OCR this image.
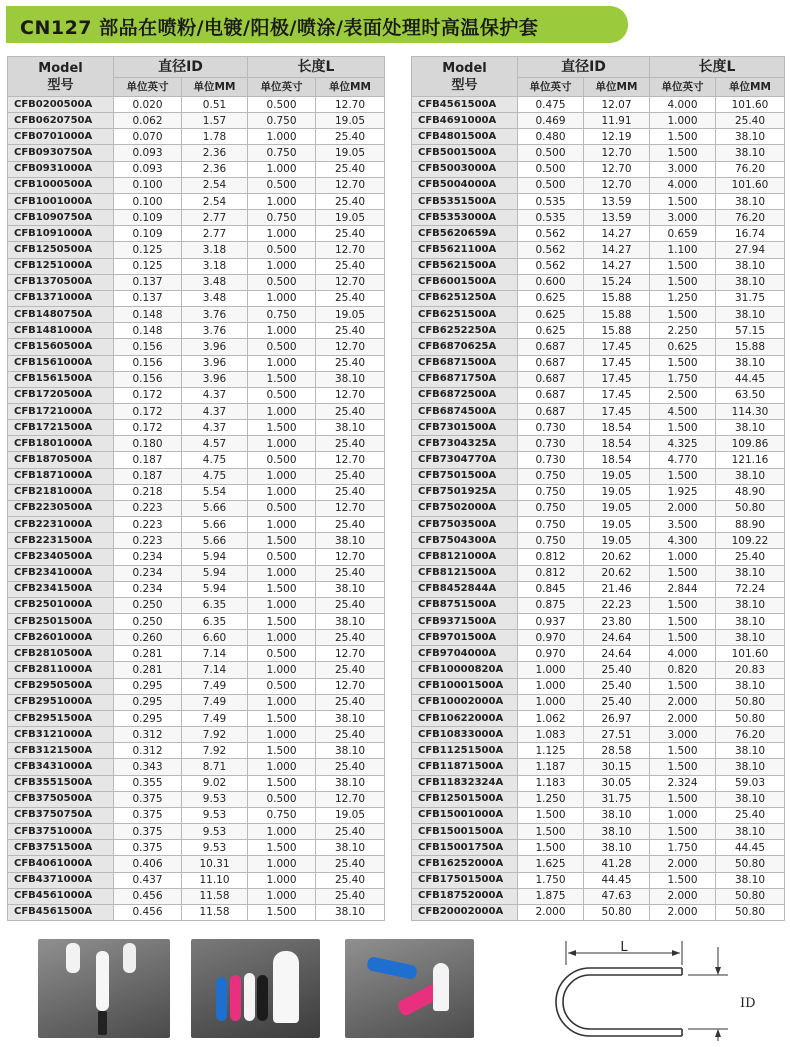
CN127 部品在喷粉/电镀/阳极/喷涂/表面处理时高温保护套
Model
型号	直径ID		长度L	
	单位英寸	单位MM	单位英寸	单位MM
CFB0200500A	0.020	0.51	0.500	12.70
CFB0620750A	0.062	1.57	0.750	19.05
CFB0701000A	0.070	1.78	1.000	25.40
CFB0930750A	0.093	2.36	0.750	19.05
CFB0931000A	0.093	2.36	1.000	25.40
CFB1000500A	0.100	2.54	0.500	12.70
CFB1001000A	0.100	2.54	1.000	25.40
CFB1090750A	0.109	2.77	0.750	19.05
CFB1091000A	0.109	2.77	1.000	25.40
CFB1250500A	0.125	3.18	0.500	12.70
CFB1251000A	0.125	3.18	1.000	25.40
CFB1370500A	0.137	3.48	0.500	12.70
CFB1371000A	0.137	3.48	1.000	25.40
CFB1480750A	0.148	3.76	0.750	19.05
CFB1481000A	0.148	3.76	1.000	25.40
CFB1560500A	0.156	3.96	0.500	12.70
CFB1561000A	0.156	3.96	1.000	25.40
CFB1561500A	0.156	3.96	1.500	38.10
CFB1720500A	0.172	4.37	0.500	12.70
CFB1721000A	0.172	4.37	1.000	25.40
CFB1721500A	0.172	4.37	1.500	38.10
CFB1801000A	0.180	4.57	1.000	25.40
CFB1870500A	0.187	4.75	0.500	12.70
CFB1871000A	0.187	4.75	1.000	25.40
CFB2181000A	0.218	5.54	1.000	25.40
CFB2230500A	0.223	5.66	0.500	12.70
CFB2231000A	0.223	5.66	1.000	25.40
CFB2231500A	0.223	5.66	1.500	38.10
CFB2340500A	0.234	5.94	0.500	12.70
CFB2341000A	0.234	5.94	1.000	25.40
CFB2341500A	0.234	5.94	1.500	38.10
CFB2501000A	0.250	6.35	1.000	25.40
CFB2501500A	0.250	6.35	1.500	38.10
CFB2601000A	0.260	6.60	1.000	25.40
CFB2810500A	0.281	7.14	0.500	12.70
CFB2811000A	0.281	7.14	1.000	25.40
CFB2950500A	0.295	7.49	0.500	12.70
CFB2951000A	0.295	7.49	1.000	25.40
CFB2951500A	0.295	7.49	1.500	38.10
CFB3121000A	0.312	7.92	1.000	25.40
CFB3121500A	0.312	7.92	1.500	38.10
CFB3431000A	0.343	8.71	1.000	25.40
CFB3551500A	0.355	9.02	1.500	38.10
CFB3750500A	0.375	9.53	0.500	12.70
CFB3750750A	0.375	9.53	0.750	19.05
CFB3751000A	0.375	9.53	1.000	25.40
CFB3751500A	0.375	9.53	1.500	38.10
CFB4061000A	0.406	10.31	1.000	25.40
CFB4371000A	0.437	11.10	1.000	25.40
CFB4561000A	0.456	11.58	1.000	25.40
CFB4561500A	0.456	11.58	1.500	38.10
Model
型号	直径ID		长度L	
	单位英寸	单位MM	单位英寸	单位MM
CFB4561500A	0.475	12.07	4.000	101.60
CFB4691000A	0.469	11.91	1.000	25.40
CFB4801500A	0.480	12.19	1.500	38.10
CFB5001500A	0.500	12.70	1.500	38.10
CFB5003000A	0.500	12.70	3.000	76.20
CFB5004000A	0.500	12.70	4.000	101.60
CFB5351500A	0.535	13.59	1.500	38.10
CFB5353000A	0.535	13.59	3.000	76.20
CFB5620659A	0.562	14.27	0.659	16.74
CFB5621100A	0.562	14.27	1.100	27.94
CFB5621500A	0.562	14.27	1.500	38.10
CFB6001500A	0.600	15.24	1.500	38.10
CFB6251250A	0.625	15.88	1.250	31.75
CFB6251500A	0.625	15.88	1.500	38.10
CFB6252250A	0.625	15.88	2.250	57.15
CFB6870625A	0.687	17.45	0.625	15.88
CFB6871500A	0.687	17.45	1.500	38.10
CFB6871750A	0.687	17.45	1.750	44.45
CFB6872500A	0.687	17.45	2.500	63.50
CFB6874500A	0.687	17.45	4.500	114.30
CFB7301500A	0.730	18.54	1.500	38.10
CFB7304325A	0.730	18.54	4.325	109.86
CFB7304770A	0.730	18.54	4.770	121.16
CFB7501500A	0.750	19.05	1.500	38.10
CFB7501925A	0.750	19.05	1.925	48.90
CFB7502000A	0.750	19.05	2.000	50.80
CFB7503500A	0.750	19.05	3.500	88.90
CFB7504300A	0.750	19.05	4.300	109.22
CFB8121000A	0.812	20.62	1.000	25.40
CFB8121500A	0.812	20.62	1.500	38.10
CFB8452844A	0.845	21.46	2.844	72.24
CFB8751500A	0.875	22.23	1.500	38.10
CFB9371500A	0.937	23.80	1.500	38.10
CFB9701500A	0.970	24.64	1.500	38.10
CFB9704000A	0.970	24.64	4.000	101.60
CFB10000820A	1.000	25.40	0.820	20.83
CFB10001500A	1.000	25.40	1.500	38.10
CFB10002000A	1.000	25.40	2.000	50.80
CFB10622000A	1.062	26.97	2.000	50.80
CFB10833000A	1.083	27.51	3.000	76.20
CFB11251500A	1.125	28.58	1.500	38.10
CFB11871500A	1.187	30.15	1.500	38.10
CFB11832324A	1.183	30.05	2.324	59.03
CFB12501500A	1.250	31.75	1.500	38.10
CFB15001000A	1.500	38.10	1.000	25.40
CFB15001500A	1.500	38.10	1.500	38.10
CFB15001750A	1.500	38.10	1.750	44.45
CFB16252000A	1.625	41.28	2.000	50.80
CFB17501500A	1.750	44.45	1.500	38.10
CFB18752000A	1.875	47.63	2.000	50.80
CFB20002000A	2.000	50.80	2.000	50.80
L
ID
